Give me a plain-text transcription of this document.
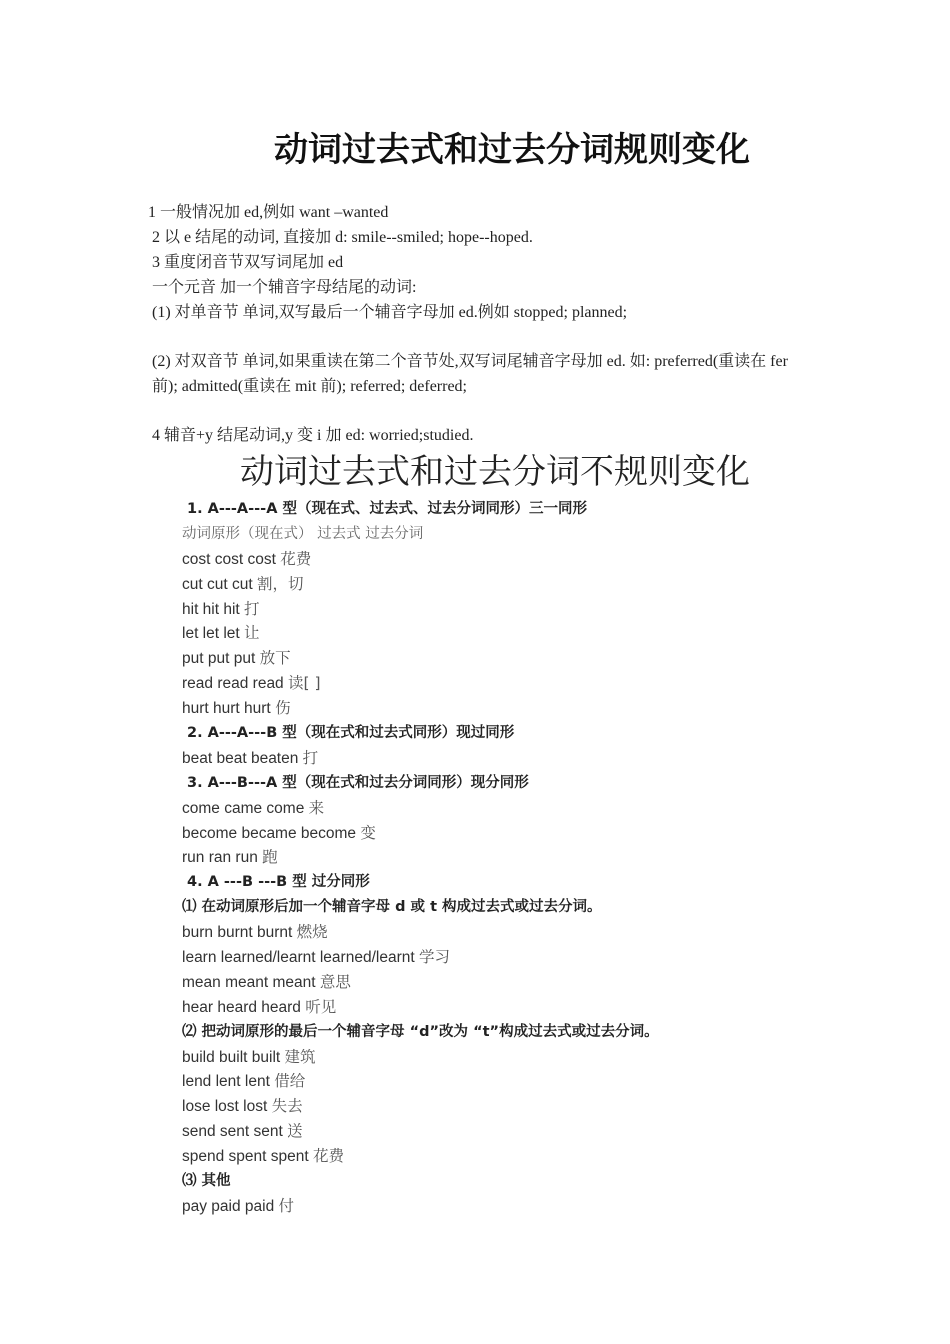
动词过去式和过去分词规则变化
1 一般情况加 ed,例如 want –wanted
2 以 e 结尾的动词, 直接加 d: smile--smiled; hope--hoped.
3 重度闭音节双写词尾加 ed
一个元音 加一个辅音字母结尾的动词:
(1) 对单音节 单词,双写最后一个辅音字母加 ed.例如 stopped; planned;
(2) 对双音节 单词,如果重读在第二个音节处,双写词尾辅音字母加 ed. 如: preferred(重读在 fer 前); admitted(重读在 mit 前); referred; deferred;
4 辅音+y 结尾动词,y 变 i 加 ed: worried;studied.
动词过去式和过去分词不规则变化
1. A---A---A 型（现在式、过去式、过去分词同形）三一同形
动词原形（现在式） 过去式 过去分词
cost cost cost 花费
cut cut cut 割，切
hit hit hit 打
let let let 让
put put put 放下
read read read 读[ ]
hurt hurt hurt 伤
2. A---A---B 型（现在式和过去式同形）现过同形
beat beat beaten 打
3. A---B---A 型（现在式和过去分词同形）现分同形
come came come 来
become became become 变
run ran run 跑
4. A ---B ---B 型 过分同形
⑴ 在动词原形后加一个辅音字母 d 或 t 构成过去式或过去分词。
burn burnt burnt 燃烧
learn learned/learnt learned/learnt 学习
mean meant meant 意思
hear heard heard 听见
⑵ 把动词原形的最后一个辅音字母 “d”改为 “t”构成过去式或过去分词。
build built built 建筑
lend lent lent 借给
lose lost lost 失去
send sent sent 送
spend spent spent 花费
⑶ 其他
pay paid paid 付
